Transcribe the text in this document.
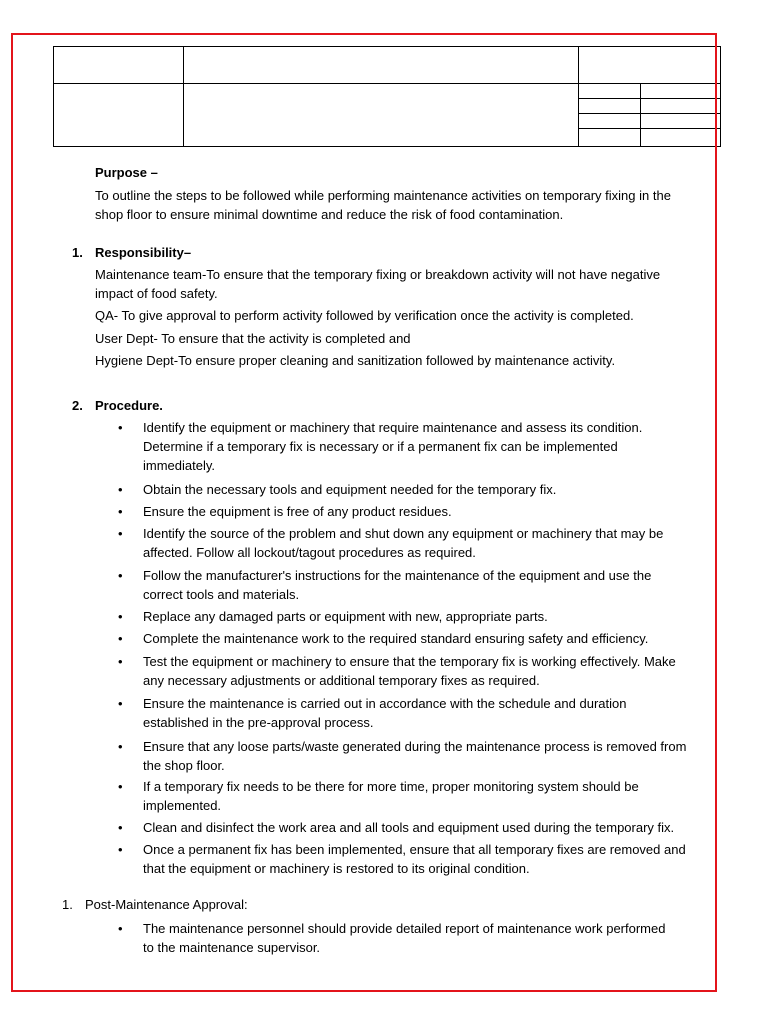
Purpose –
To outline the steps to be followed while performing maintenance activities on temporary fixing in the
shop floor to ensure minimal downtime and reduce the risk of food contamination.
1. Responsibility–
Maintenance team-To ensure that the temporary fixing or breakdown activity will not have negative
impact of food safety.
QA- To give approval to perform activity followed by verification once the activity is completed.
User Dept- To ensure that the activity is completed and
Hygiene Dept-To ensure proper cleaning and sanitization followed by maintenance activity.
2. Procedure.
• Identify the equipment or machinery that require maintenance and assess its condition.
Determine if a temporary fix is necessary or if a permanent fix can be implemented
immediately.
• Obtain the necessary tools and equipment needed for the temporary fix.
• Ensure the equipment is free of any product residues.
• Identify the source of the problem and shut down any equipment or machinery that may be
affected. Follow all lockout/tagout procedures as required.
• Follow the manufacturer's instructions for the maintenance of the equipment and use the
correct tools and materials.
• Replace any damaged parts or equipment with new, appropriate parts.
• Complete the maintenance work to the required standard ensuring safety and efficiency.
• Test the equipment or machinery to ensure that the temporary fix is working effectively. Make
any necessary adjustments or additional temporary fixes as required.
• Ensure the maintenance is carried out in accordance with the schedule and duration
established in the pre-approval process.
• Ensure that any loose parts/waste generated during the maintenance process is removed from
the shop floor.
• If a temporary fix needs to be there for more time, proper monitoring system should be
implemented.
• Clean and disinfect the work area and all tools and equipment used during the temporary fix.
• Once a permanent fix has been implemented, ensure that all temporary fixes are removed and
that the equipment or machinery is restored to its original condition.
1. Post-Maintenance Approval:
• The maintenance personnel should provide detailed report of maintenance work performed
to the maintenance supervisor.
